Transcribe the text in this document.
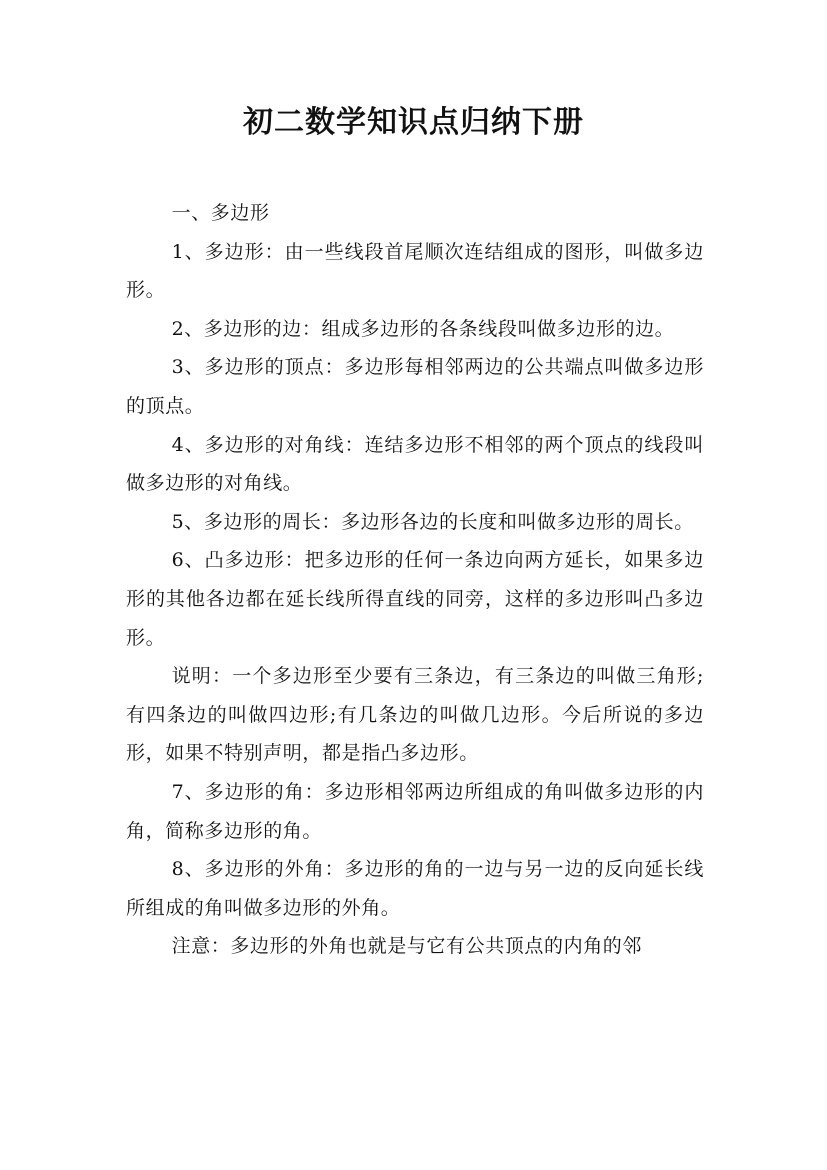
初二数学知识点归纳下册

一、多边形

1、多边形：由一些线段首尾顺次连结组成的图形，叫做多边形。

2、多边形的边：组成多边形的各条线段叫做多边形的边。

3、多边形的顶点：多边形每相邻两边的公共端点叫做多边形的顶点。

4、多边形的对角线：连结多边形不相邻的两个顶点的线段叫做多边形的对角线。

5、多边形的周长：多边形各边的长度和叫做多边形的周长。

6、凸多边形：把多边形的任何一条边向两方延长，如果多边形的其他各边都在延长线所得直线的同旁，这样的多边形叫凸多边形。

说明：一个多边形至少要有三条边，有三条边的叫做三角形;有四条边的叫做四边形;有几条边的叫做几边形。今后所说的多边形，如果不特别声明，都是指凸多边形。

7、多边形的角：多边形相邻两边所组成的角叫做多边形的内角，简称多边形的角。

8、多边形的外角：多边形的角的一边与另一边的反向延长线所组成的角叫做多边形的外角。

注意：多边形的外角也就是与它有公共顶点的内角的邻
